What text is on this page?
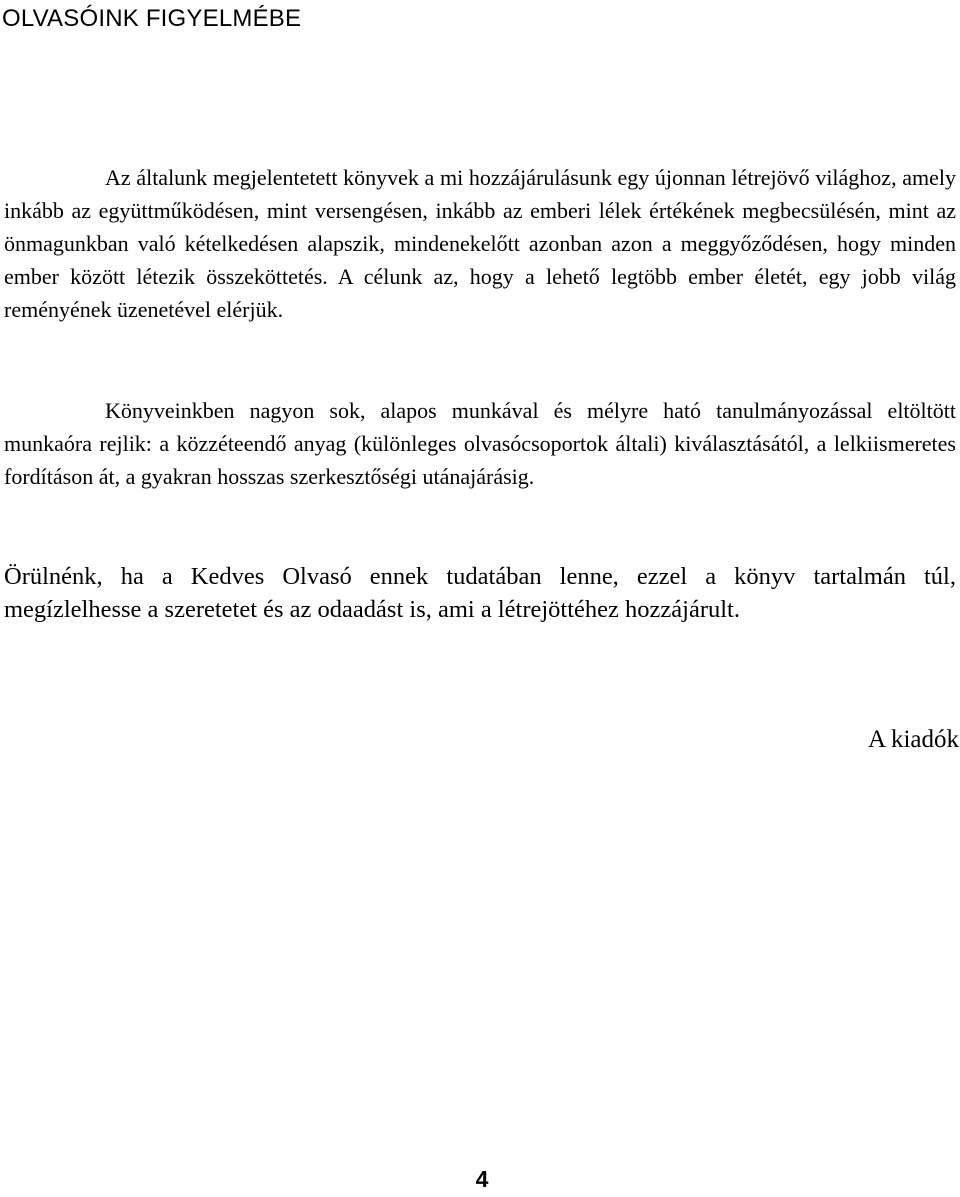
OLVASÓINK FIGYELMÉBE

Az általunk megjelentetett könyvek a mi hozzájárulásunk egy újonnan létrejövő világhoz, amely inkább az együttműködésen, mint versengésen, inkább az emberi lélek értékének megbecsülésén, mint az önmagunkban való kételkedésen alapszik, mindenekelőtt azonban azon a meggyőződésen, hogy minden ember között létezik összeköttetés. A célunk az, hogy a lehető legtöbb ember életét, egy jobb világ reményének üzenetével elérjük.

Könyveinkben nagyon sok, alapos munkával és mélyre ható tanulmányozással eltöltött munkaóra rejlik: a közzéteendő anyag (különleges olvasócsoportok általi) kiválasztásától, a lelkiismeretes fordításon át, a gyakran hosszas szerkesztőségi utánajárásig.

Örülnénk, ha a Kedves Olvasó ennek tudatában lenne, ezzel a könyv tartalmán túl, megízlelhesse a szeretetet és az odaadást is, ami a létrejöttéhez hozzájárult.

A kiadók

4
